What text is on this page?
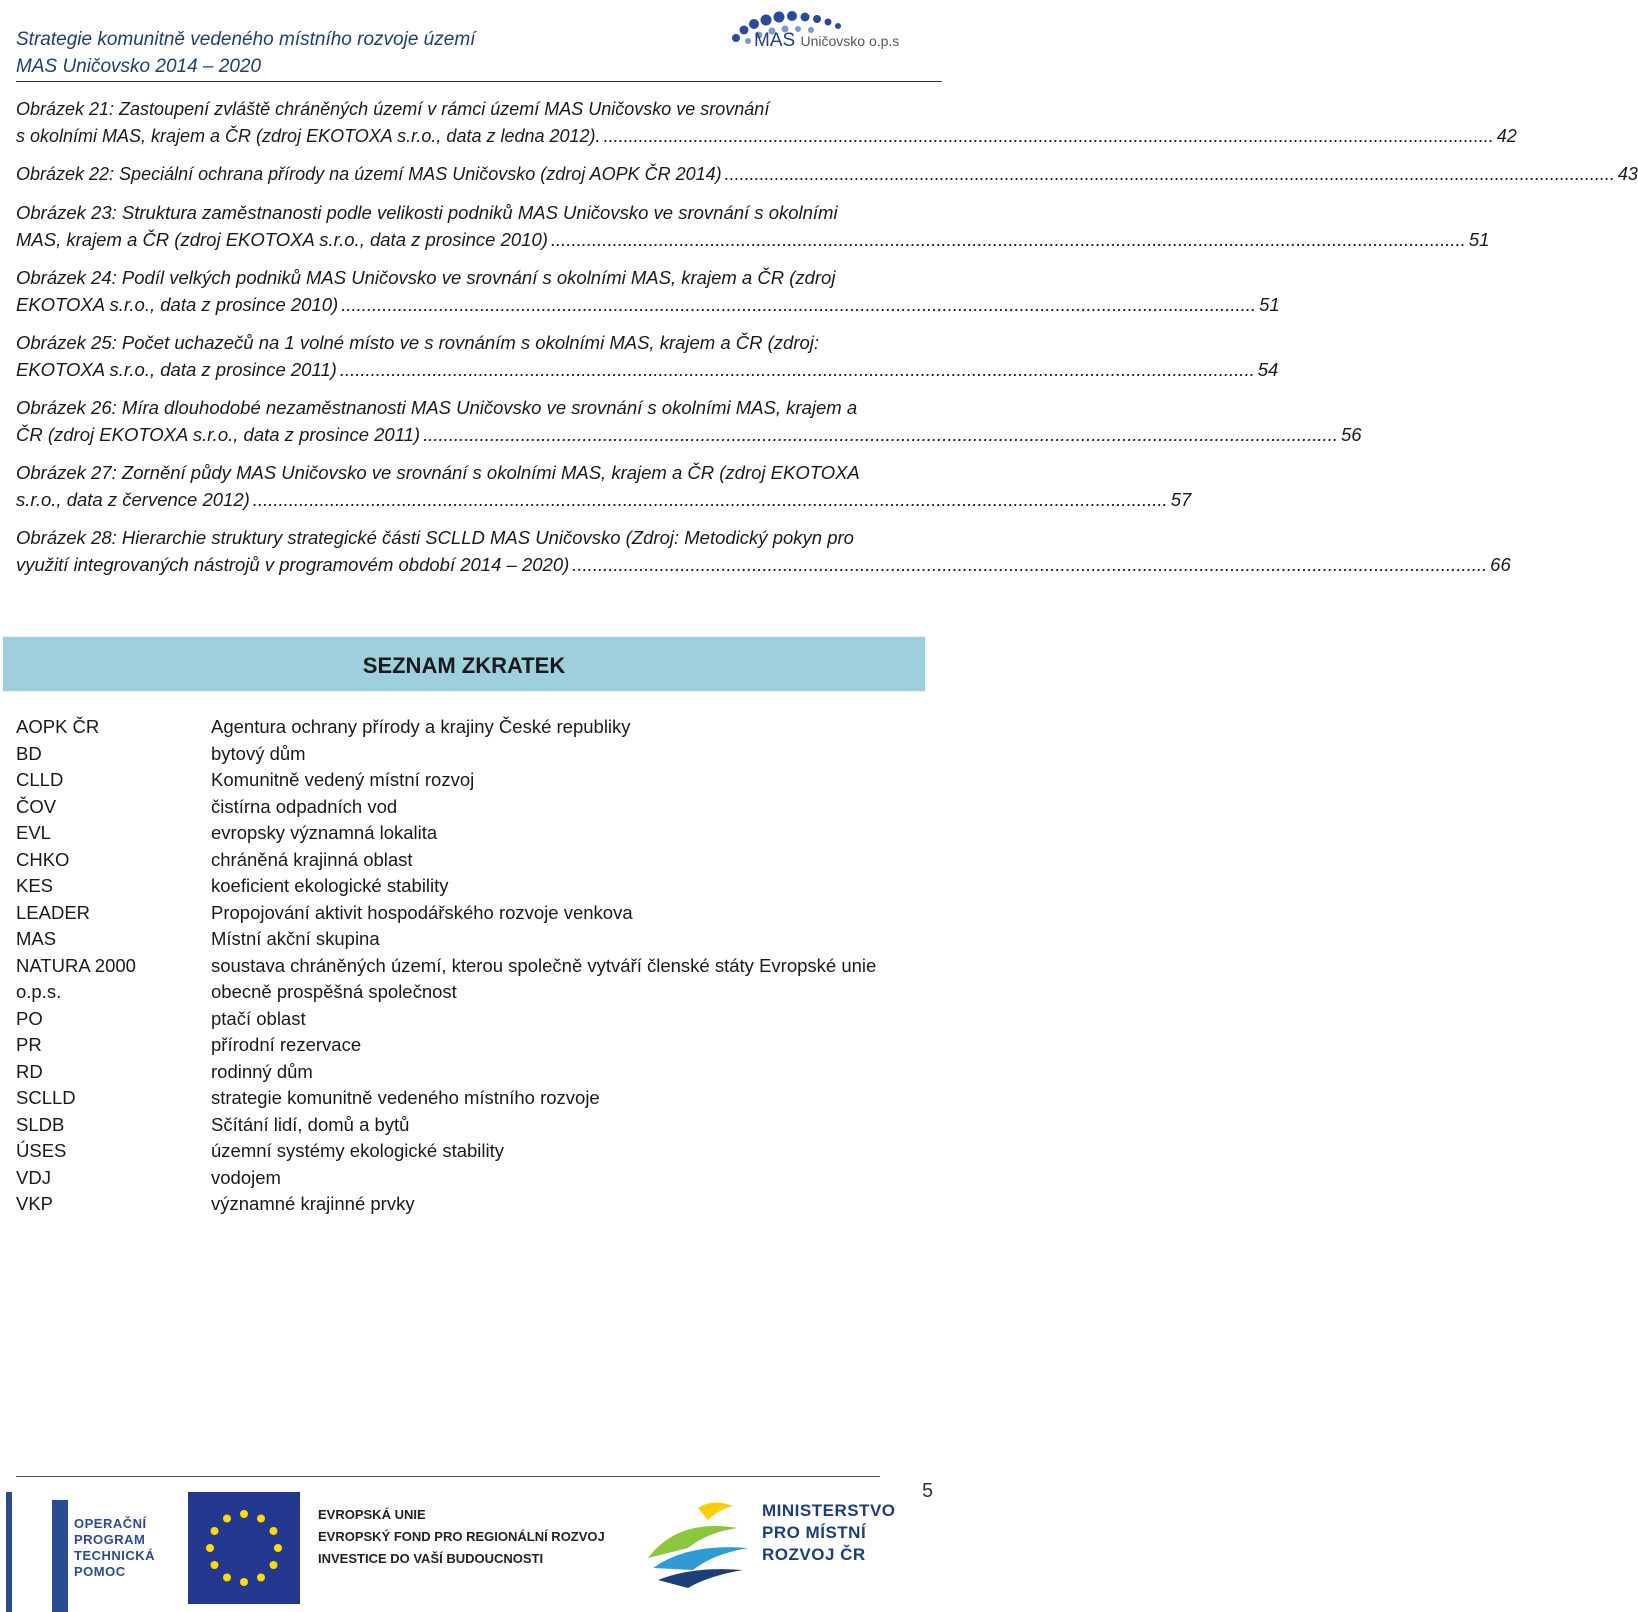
Strategie komunitně vedeného místního rozvoje území
MAS Uničovsko 2014 – 2020
MAS Uničovsko o.p.s
Obrázek 21: Zastoupení zvláště chráněných území v rámci území MAS Uničovsko ve srovnání
s okolními MAS, krajem a ČR (zdroj EKOTOXA s.r.o., data z ledna 2012). .................................................................................................................................................................................. 42
Obrázek 22: Speciální ochrana přírody na území MAS Uničovsko (zdroj AOPK ČR 2014) .................................................................................................................................................................................. 43
Obrázek 23: Struktura zaměstnanosti podle velikosti podniků MAS Uničovsko ve srovnání s okolními
MAS, krajem a ČR (zdroj EKOTOXA s.r.o., data z prosince 2010) .................................................................................................................................................................................. 51
Obrázek 24: Podíl velkých podniků MAS Uničovsko ve srovnání s okolními MAS, krajem a ČR (zdroj
EKOTOXA s.r.o., data z prosince 2010) .................................................................................................................................................................................. 51
Obrázek 25: Počet uchazečů na 1 volné místo ve s rovnáním s okolními MAS, krajem a ČR (zdroj:
EKOTOXA s.r.o., data z prosince 2011) .................................................................................................................................................................................. 54
Obrázek 26: Míra dlouhodobé nezaměstnanosti MAS Uničovsko ve srovnání s okolními MAS, krajem a
ČR (zdroj EKOTOXA s.r.o., data z prosince 2011) .................................................................................................................................................................................. 56
Obrázek 27: Zornění půdy MAS Uničovsko ve srovnání s okolními MAS, krajem a ČR (zdroj EKOTOXA
s.r.o., data z července 2012) .................................................................................................................................................................................. 57
Obrázek 28: Hierarchie struktury strategické části SCLLD MAS Uničovsko (Zdroj: Metodický pokyn pro
využití integrovaných nástrojů v programovém období 2014 – 2020) .................................................................................................................................................................................. 66
SEZNAM ZKRATEK
AOPK ČR	Agentura ochrany přírody a krajiny České republiky
BD	bytový dům
CLLD	Komunitně vedený místní rozvoj
ČOV	čistírna odpadních vod
EVL	evropsky významná lokalita
CHKO	chráněná krajinná oblast
KES	koeficient ekologické stability
LEADER	Propojování aktivit hospodářského rozvoje venkova
MAS	Místní akční skupina
NATURA 2000	soustava chráněných území, kterou společně vytváří členské státy Evropské unie
o.p.s.	obecně prospěšná společnost
PO	ptačí oblast
PR	přírodní rezervace
RD	rodinný dům
SCLLD	strategie komunitně vedeného místního rozvoje
SLDB	Sčítání lidí, domů a bytů
ÚSES	územní systémy ekologické stability
VDJ	vodojem
VKP	významné krajinné prvky
5
OPERAČNÍ
PROGRAM
TECHNICKÁ
POMOC
EVROPSKÁ UNIE
EVROPSKÝ FOND PRO REGIONÁLNÍ ROZVOJ
INVESTICE DO VAŠÍ BUDOUCNOSTI
MINISTERSTVO
PRO MÍSTNÍ
ROZVOJ ČR
